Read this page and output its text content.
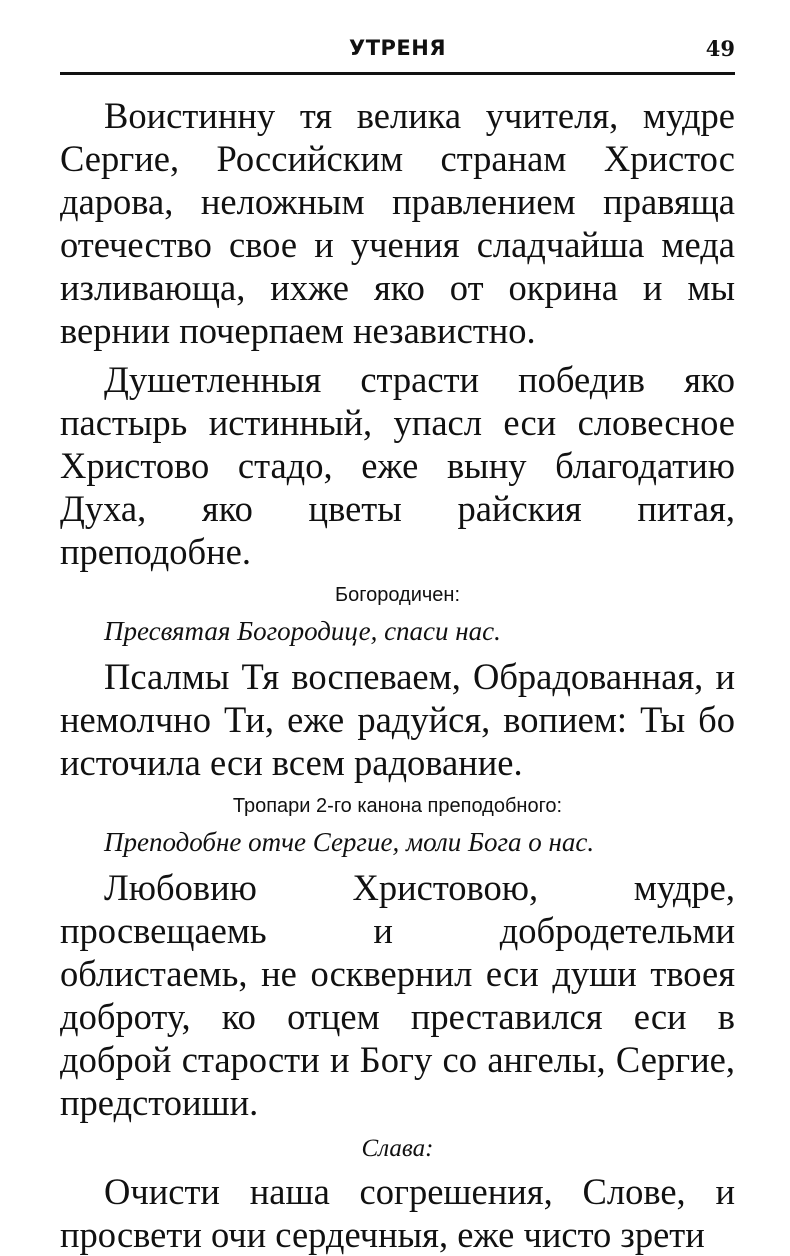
УТРЕНЯ	49

Воистинну тя велика учителя, мудре Сергие, Российским странам Христос дарова, неложным правлением правяща отечество свое и учения сладчайша меда изливающа, ихже яко от окрина и мы вернии почерпаем независтно.

Душетленныя страсти победив яко пастырь истинный, упасл еси словесное Христово стадо, еже выну благодатию Духа, яко цветы райския питая, преподобне.

Богородичен:

Пресвятая Богородице, спаси нас.

Псалмы Тя воспеваем, Обрадованная, и немолчно Ти, еже радуйся, вопием: Ты бо источила еси всем радование.

Тропари 2-го канона преподобного:

Преподобне отче Сергие, моли Бога о нас.

Любовию Христовою, мудре, просвещаемь и добродетельми облистаемь, не осквернил еси души твоея доброту, ко отцем преставился еси в доброй старости и Богу со ангелы, Сергие, предстоиши.

Слава:

Очисти наша согрешения, Слове, и просвети очи сердечныя, еже чисто зрети
